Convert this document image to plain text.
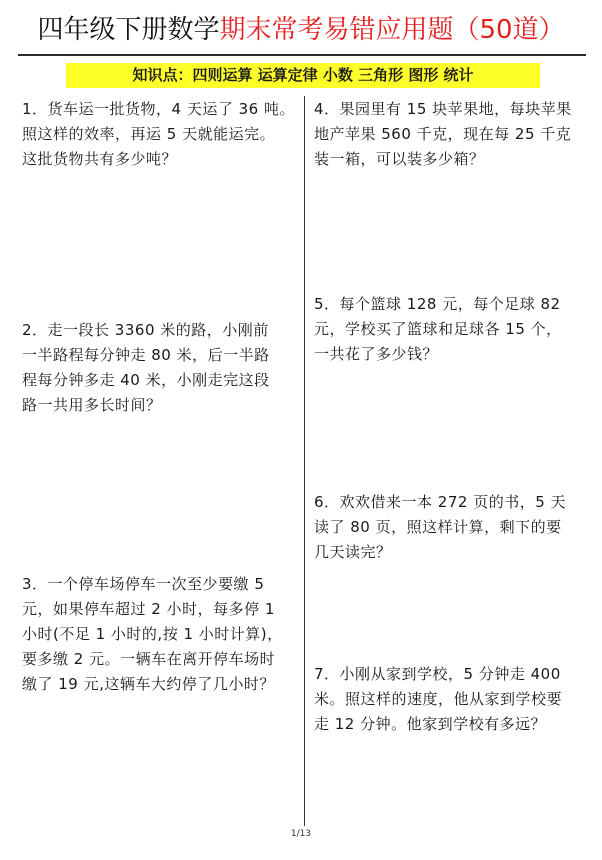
四年级下册数学期末常考易错应用题（50道）
知识点：四则运算 运算定律 小数 三角形 图形 统计
1．货车运一批货物，4 天运了 36 吨。
照这样的效率，再运 5 天就能运完。
这批货物共有多少吨？
2．走一段长 3360 米的路，小刚前
一半路程每分钟走 80 米，后一半路
程每分钟多走 40 米，小刚走完这段
路一共用多长时间？
3．一个停车场停车一次至少要缴 5
元，如果停车超过 2 小时，每多停 1
小时(不足 1 小时的,按 1 小时计算)，
要多缴 2 元。一辆车在离开停车场时
缴了 19 元,这辆车大约停了几小时？
4．果园里有 15 块苹果地，每块苹果
地产苹果 560 千克，现在每 25 千克
装一箱，可以装多少箱？
5．每个篮球 128 元，每个足球 82
元，学校买了篮球和足球各 15 个，
一共花了多少钱？
6．欢欢借来一本 272 页的书，5 天
读了 80 页，照这样计算，剩下的要
几天读完？
7．小刚从家到学校，5 分钟走 400
米。照这样的速度，他从家到学校要
走 12 分钟。他家到学校有多远？
1/13
